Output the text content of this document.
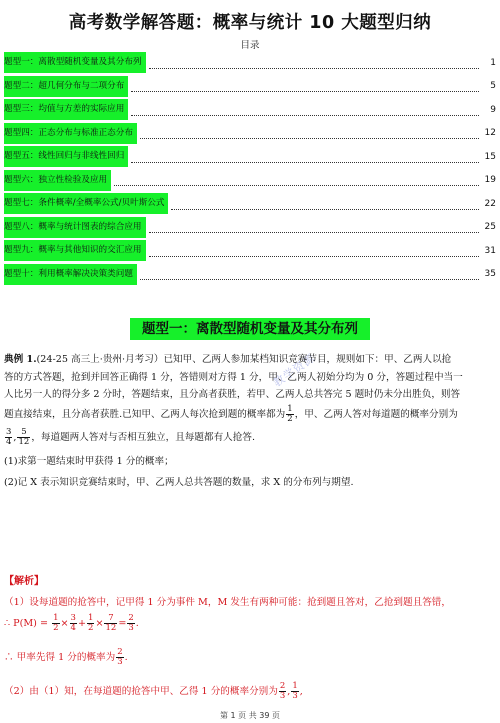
高考数学解答题：概率与统计 10 大题型归纳
目录
题型一：离散型随机变量及其分布列	1
题型二：超几何分布与二项分布	5
题型三：均值与方差的实际应用	9
题型四：正态分布与标准正态分布	12
题型五：线性回归与非线性回归	15
题型六：独立性检验及应用	19
题型七：条件概率/全概率公式/贝叶斯公式	22
题型八：概率与统计图表的综合应用	25
题型九：概率与其他知识的交汇应用	31
题型十：利用概率解决决策类问题	35
题型一：离散型随机变量及其分布列
教学资源
典例 1.(24-25 高三上·贵州·月考习）已知甲、乙两人参加某档知识竞赛节目，规则如下：甲、乙两人以抢
答的方式答题，抢到并回答正确得 1 分，答错则对方得 1 分，甲、乙两人初始分均为 0 分，答题过程中当一
人比另一人的得分多 2 分时，答题结束，且分高者获胜，若甲、乙两人总共答完 5 题时仍未分出胜负，则答
题直接结束，且分高者获胜.已知甲、乙两人每次抢到题的概率都为 $\frac{1}{2}$ ，甲、乙两人答对每道题的概率分别为
$\frac{3}{4}$ , $\frac{5}{12}$ ，每道题两人答对与否相互独立，且每题都有人抢答.
(1)求第一题结束时甲获得 1 分的概率；
(2)记 X 表示知识竞赛结束时，甲、乙两人总共答题的数量，求 X 的分布列与期望.
【解析】
（1）设每道题的抢答中，记甲得 1 分为事件 M，M 发生有两种可能：抢到题且答对，乙抢到题且答错，
∴ $P(M) = \frac{1}{2} \times \frac{3}{4} + \frac{1}{2} \times \frac{7}{12} = \frac{2}{3}$ .
∴ 甲率先得 1 分的概率为 $\frac{2}{3}$ .
（2）由（1）知，在每道题的抢答中甲、乙得 1 分的概率分别为 $\frac{2}{3}$ , $\frac{1}{3}$ ,
第 1 页 共 39 页
